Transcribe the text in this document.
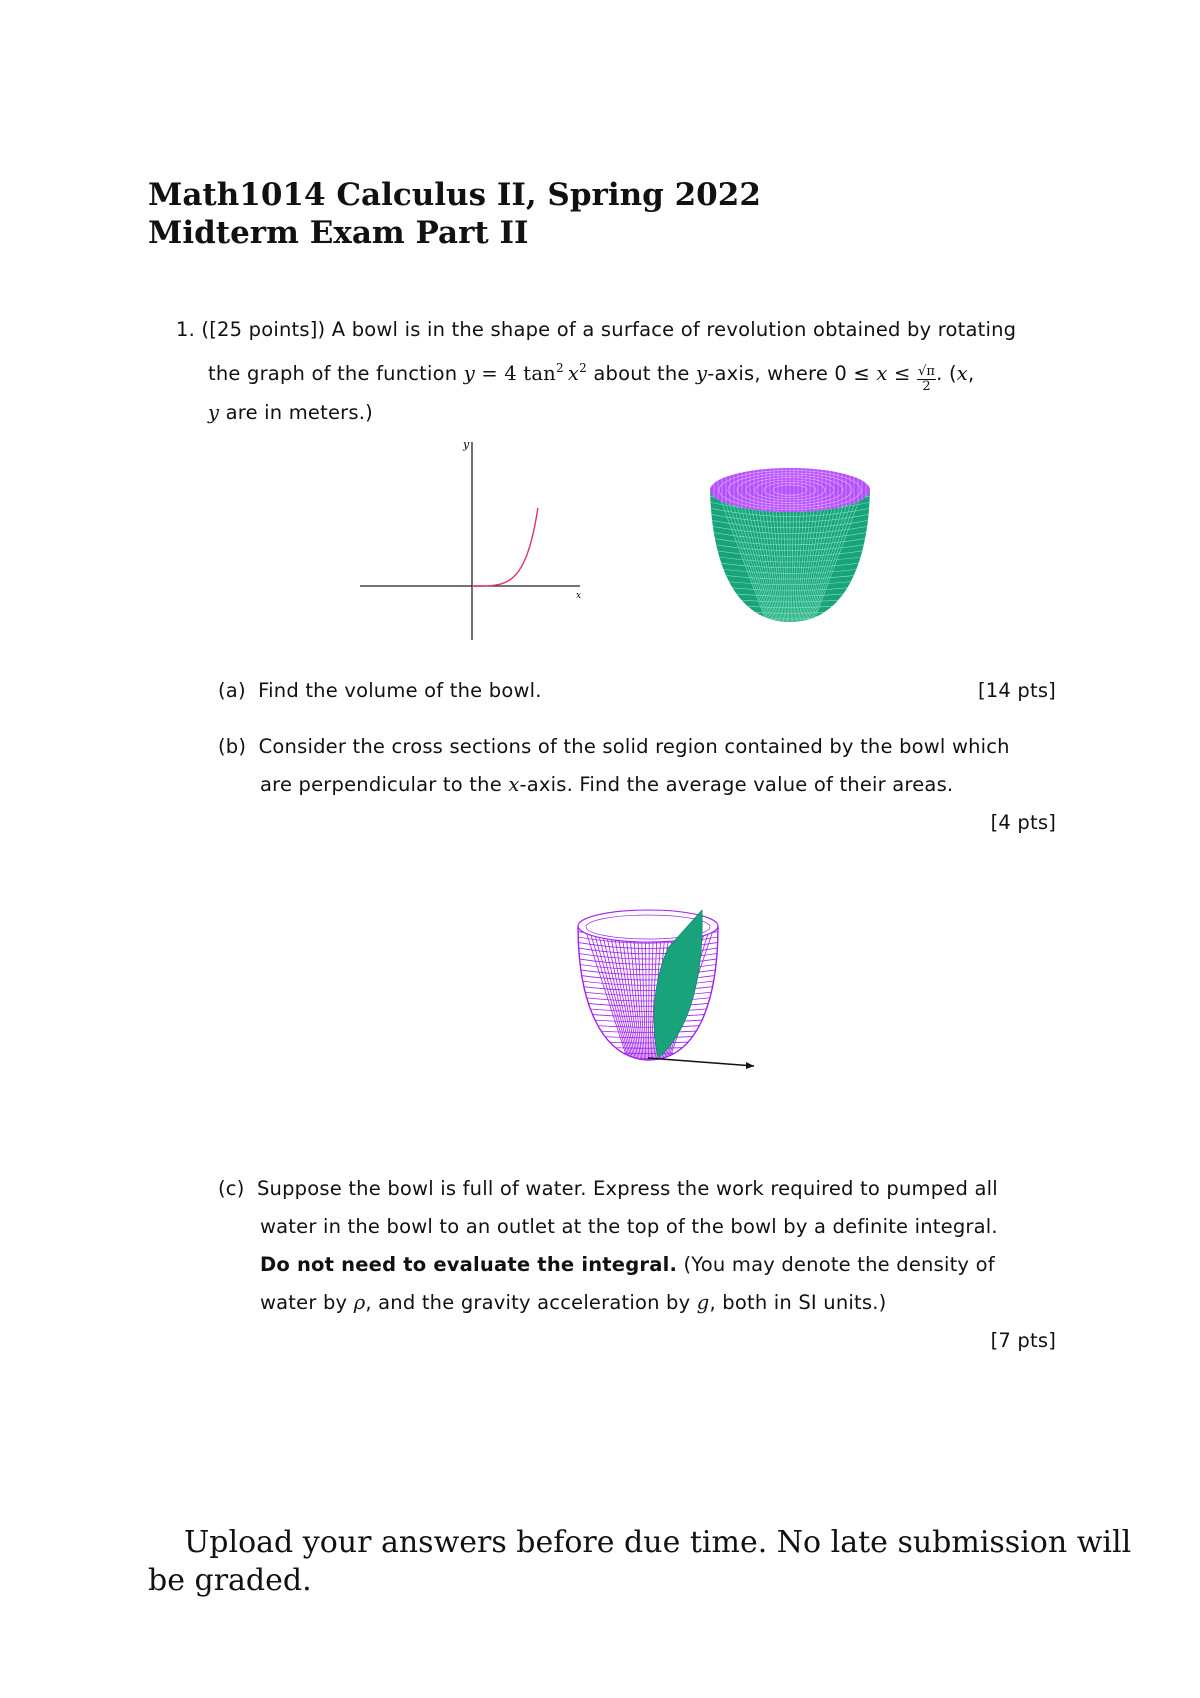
Math1014 Calculus II, Spring 2022
Midterm Exam Part II
1. ([25 points]) A bowl is in the shape of a surface of revolution obtained by rotating
the graph of the function y = 4 $\tan^2 x^2$ about the y-axis, where $0 \le x \le \frac{√\pi}{2}$ . (x,
y are in meters.)
y
x
(a) Find the volume of the bowl.	[14 pts]
(b) Consider the cross sections of the solid region contained by the bowl which
are perpendicular to the x-axis. Find the average value of their areas.
[4 pts]
(c) Suppose the bowl is full of water. Express the work required to pumped all
water in the bowl to an outlet at the top of the bowl by a definite integral.
Do not need to evaluate the integral. (You may denote the density of
water by ρ, and the gravity acceleration by g, both in SI units.)
[7 pts]
Upload your answers before due time. No late submission will
be graded.
